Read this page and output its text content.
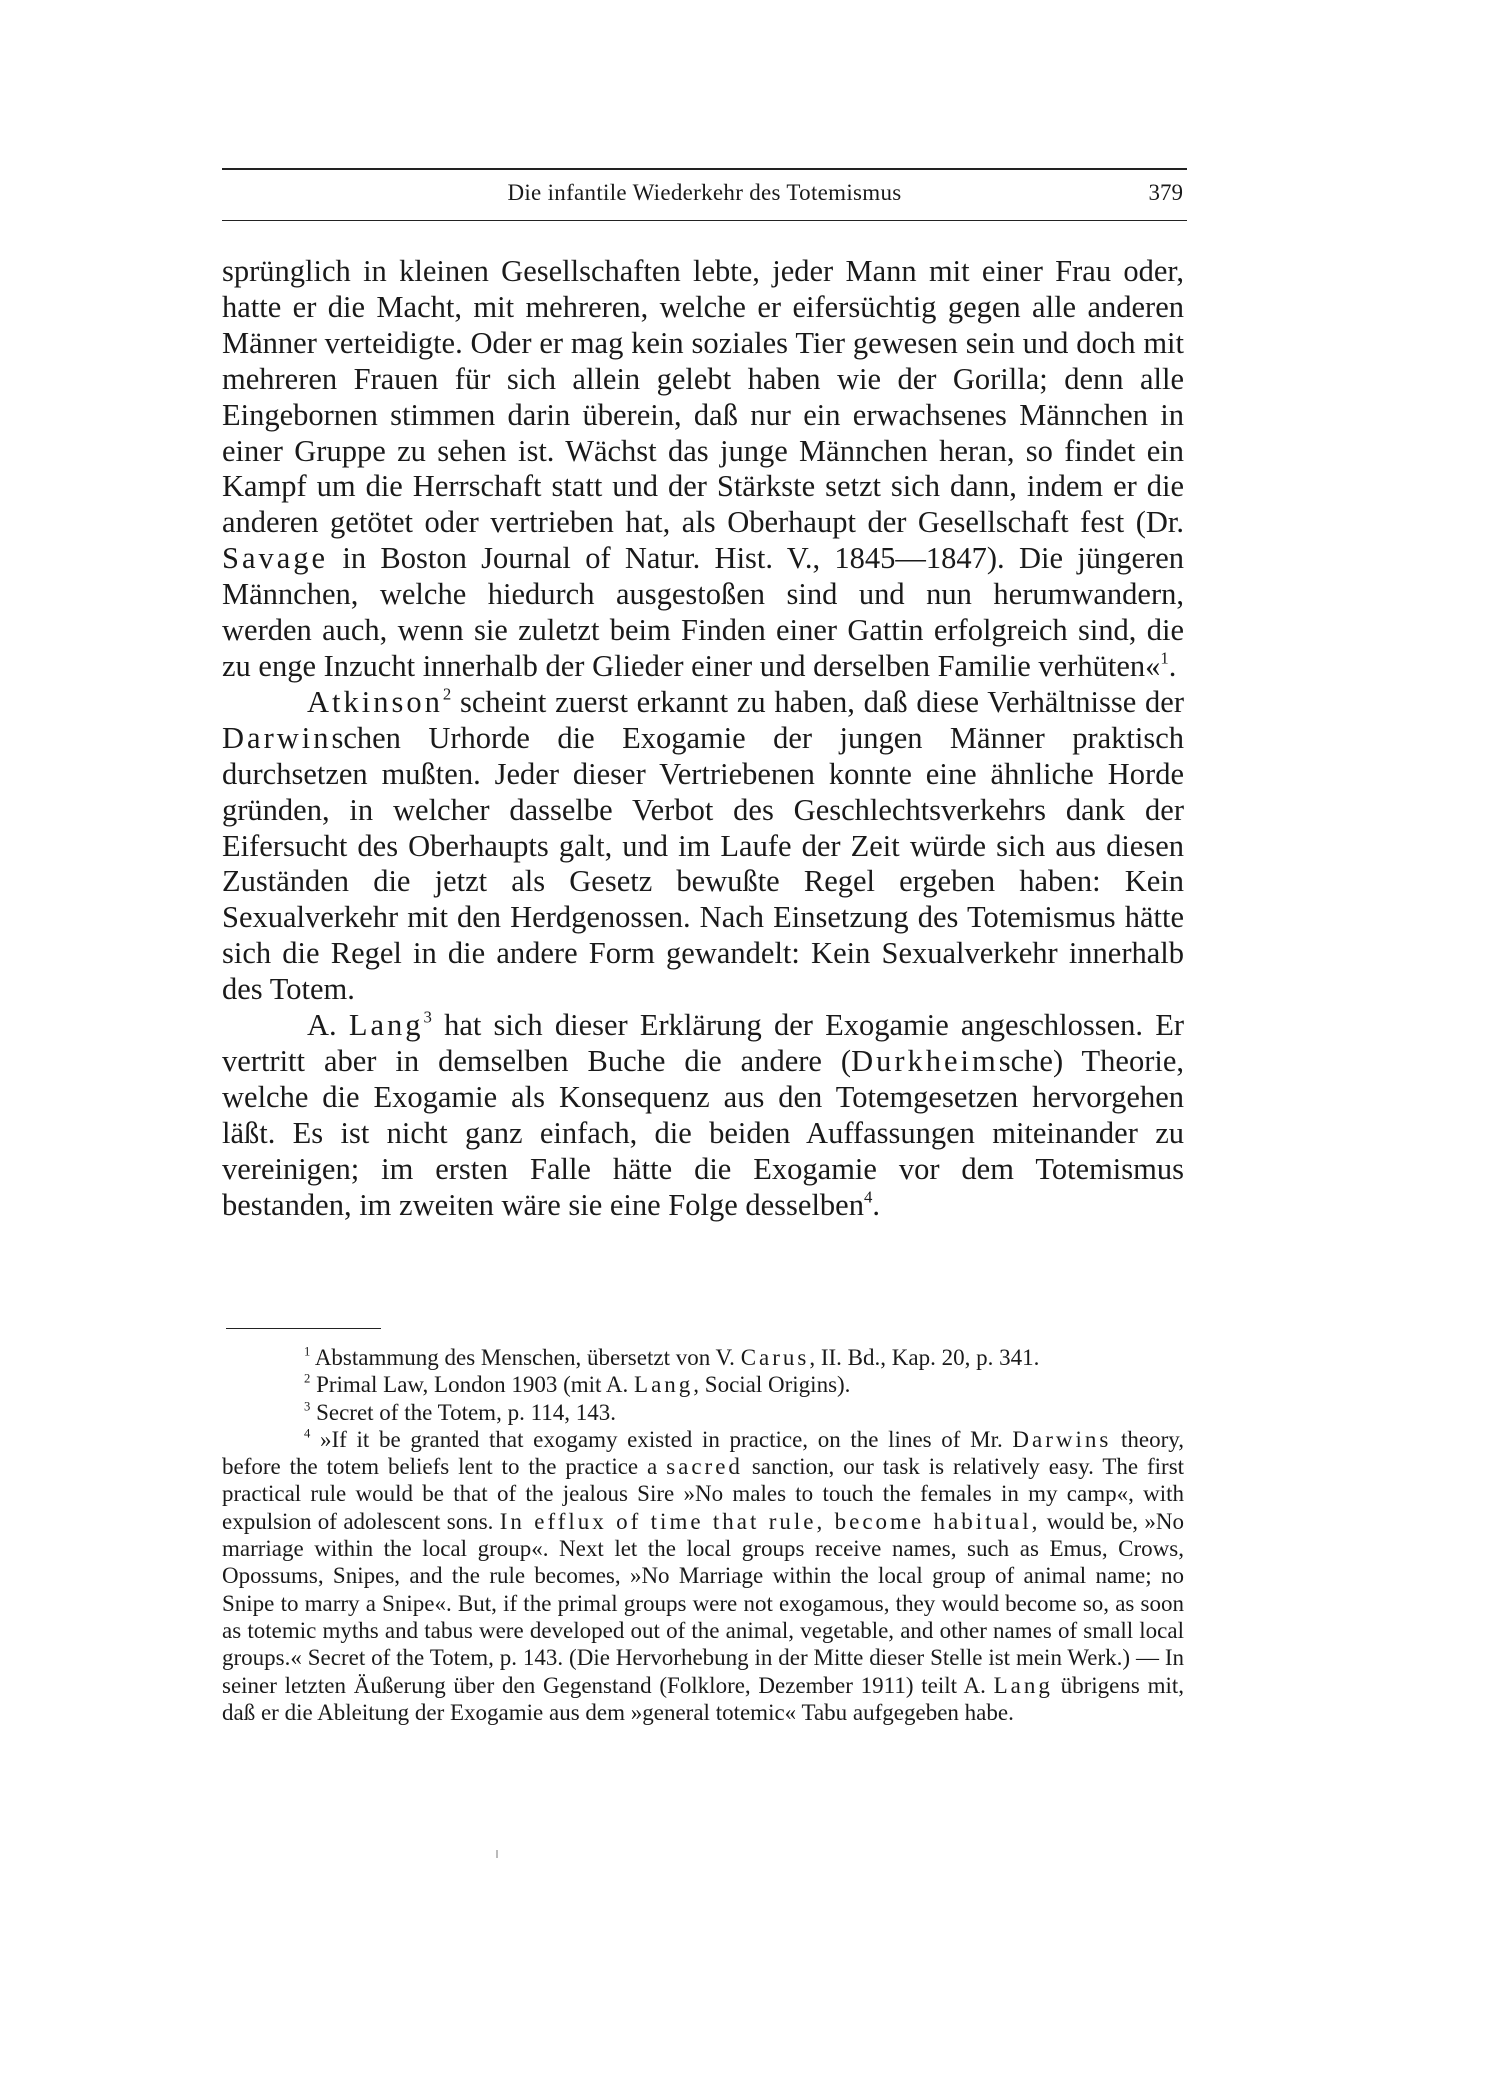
Die infantile Wiederkehr des Totemismus	379

sprünglich in kleinen Gesellschaften lebte, jeder Mann mit einer Frau oder, hatte er die Macht, mit mehreren, welche er eifersüchtig gegen alle anderen Männer verteidigte. Oder er mag kein soziales Tier gewesen sein und doch mit mehreren Frauen für sich allein gelebt haben wie der Gorilla; denn alle Eingebornen stimmen darin überein, daß nur ein erwachsenes Männchen in einer Gruppe zu sehen ist. Wächst das junge Männchen heran, so findet ein Kampf um die Herrschaft statt und der Stärkste setzt sich dann, indem er die anderen getötet oder vertrieben hat, als Oberhaupt der Gesellschaft fest (Dr. Savage in Boston Journal of Natur. Hist. V., 1845—1847). Die jüngeren Männchen, welche hiedurch ausgestoßen sind und nun herumwandern, werden auch, wenn sie zuletzt beim Finden einer Gattin erfolgreich sind, die zu enge Inzucht innerhalb der Glieder einer und derselben Familie verhüten«$^1$.

Atkinson$^2$ scheint zuerst erkannt zu haben, daß diese Verhältnisse der Darwinschen Urhorde die Exogamie der jungen Männer praktisch durchsetzen mußten. Jeder dieser Vertriebenen konnte eine ähnliche Horde gründen, in welcher dasselbe Verbot des Geschlechtsverkehrs dank der Eifersucht des Oberhaupts galt, und im Laufe der Zeit würde sich aus diesen Zuständen die jetzt als Gesetz bewußte Regel ergeben haben: Kein Sexualverkehr mit den Herdgenossen. Nach Einsetzung des Totemismus hätte sich die Regel in die andere Form gewandelt: Kein Sexualverkehr innerhalb des Totem.

A. Lang$^3$ hat sich dieser Erklärung der Exogamie angeschlossen. Er vertritt aber in demselben Buche die andere (Durkheimsche) Theorie, welche die Exogamie als Konsequenz aus den Totemgesetzen hervorgehen läßt. Es ist nicht ganz einfach, die beiden Auffassungen miteinander zu vereinigen; im ersten Falle hätte die Exogamie vor dem Totemismus bestanden, im zweiten wäre sie eine Folge desselben$^4$.

$^1$ Abstammung des Menschen, übersetzt von V. Carus, II. Bd., Kap. 20, p. 341.

$^2$ Primal Law, London 1903 (mit A. Lang, Social Origins).

$^3$ Secret of the Totem, p. 114, 143.

$^4$ »If it be granted that exogamy existed in practice, on the lines of Mr. Darwins theory, before the totem beliefs lent to the practice a sacred sanction, our task is relatively easy. The first practical rule would be that of the jealous Sire »No males to touch the females in my camp«, with expulsion of adolescent sons. In efflux of time that rule, become habitual, would be, »No marriage within the local group«. Next let the local groups receive names, such as Emus, Crows, Opossums, Snipes, and the rule becomes, »No Marriage within the local group of animal name; no Snipe to marry a Snipe«. But, if the primal groups were not exogamous, they would become so, as soon as totemic myths and tabus were developed out of the animal, vegetable, and other names of small local groups.« Secret of the Totem, p. 143. (Die Hervorhebung in der Mitte dieser Stelle ist mein Werk.) — In seiner letzten Äußerung über den Gegenstand (Folklore, Dezember 1911) teilt A. Lang übrigens mit, daß er die Ableitung der Exogamie aus dem »general totemic« Tabu aufgegeben habe.
